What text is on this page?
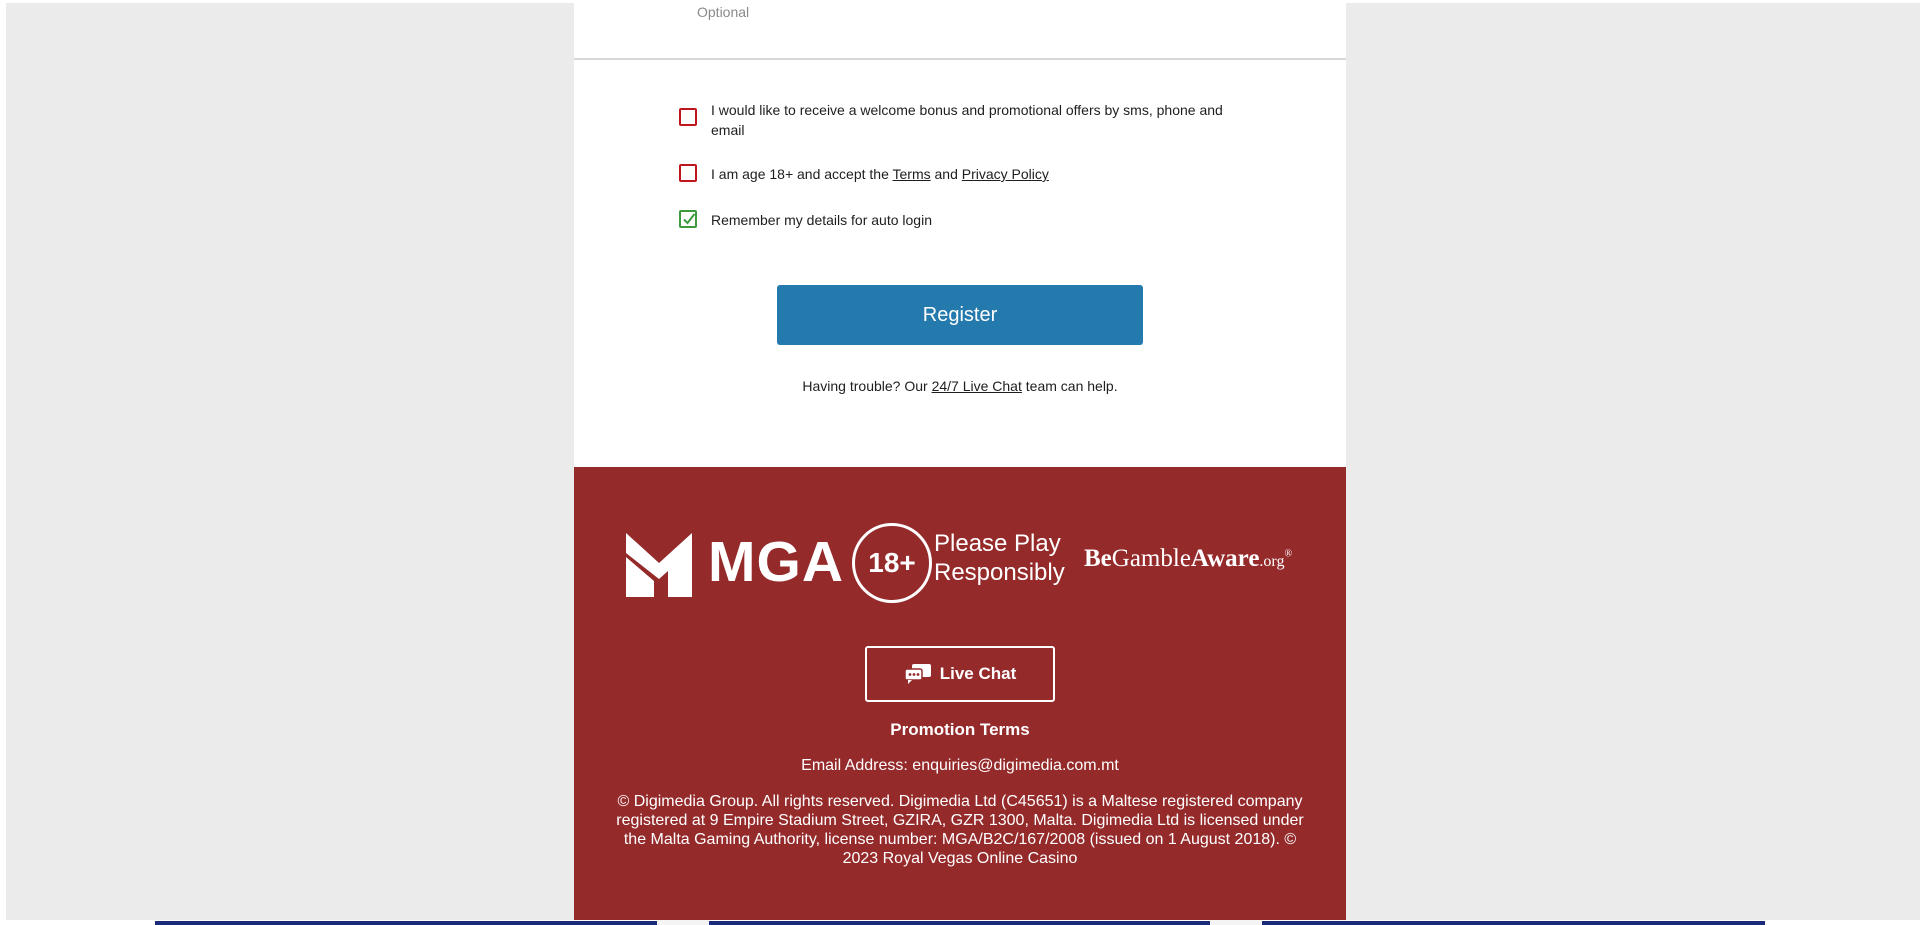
Optional
I would like to receive a welcome bonus and promotional offers by sms, phone and email
I am age 18+ and accept the Terms and Privacy Policy
Remember my details for auto login
Register
Having trouble? Our 24/7 Live Chat team can help.
MGA 18+
Please Play
Responsibly
BeGambleAware.org®
Live Chat
Promotion Terms
Email Address: enquiries@digimedia.com.mt
© Digimedia Group. All rights reserved. Digimedia Ltd (C45651) is a Maltese registered company registered at 9 Empire Stadium Street, GZIRA, GZR 1300, Malta. Digimedia Ltd is licensed under the Malta Gaming Authority, license number: MGA/B2C/167/2008 (issued on 1 August 2018). © 2023 Royal Vegas Online Casino
